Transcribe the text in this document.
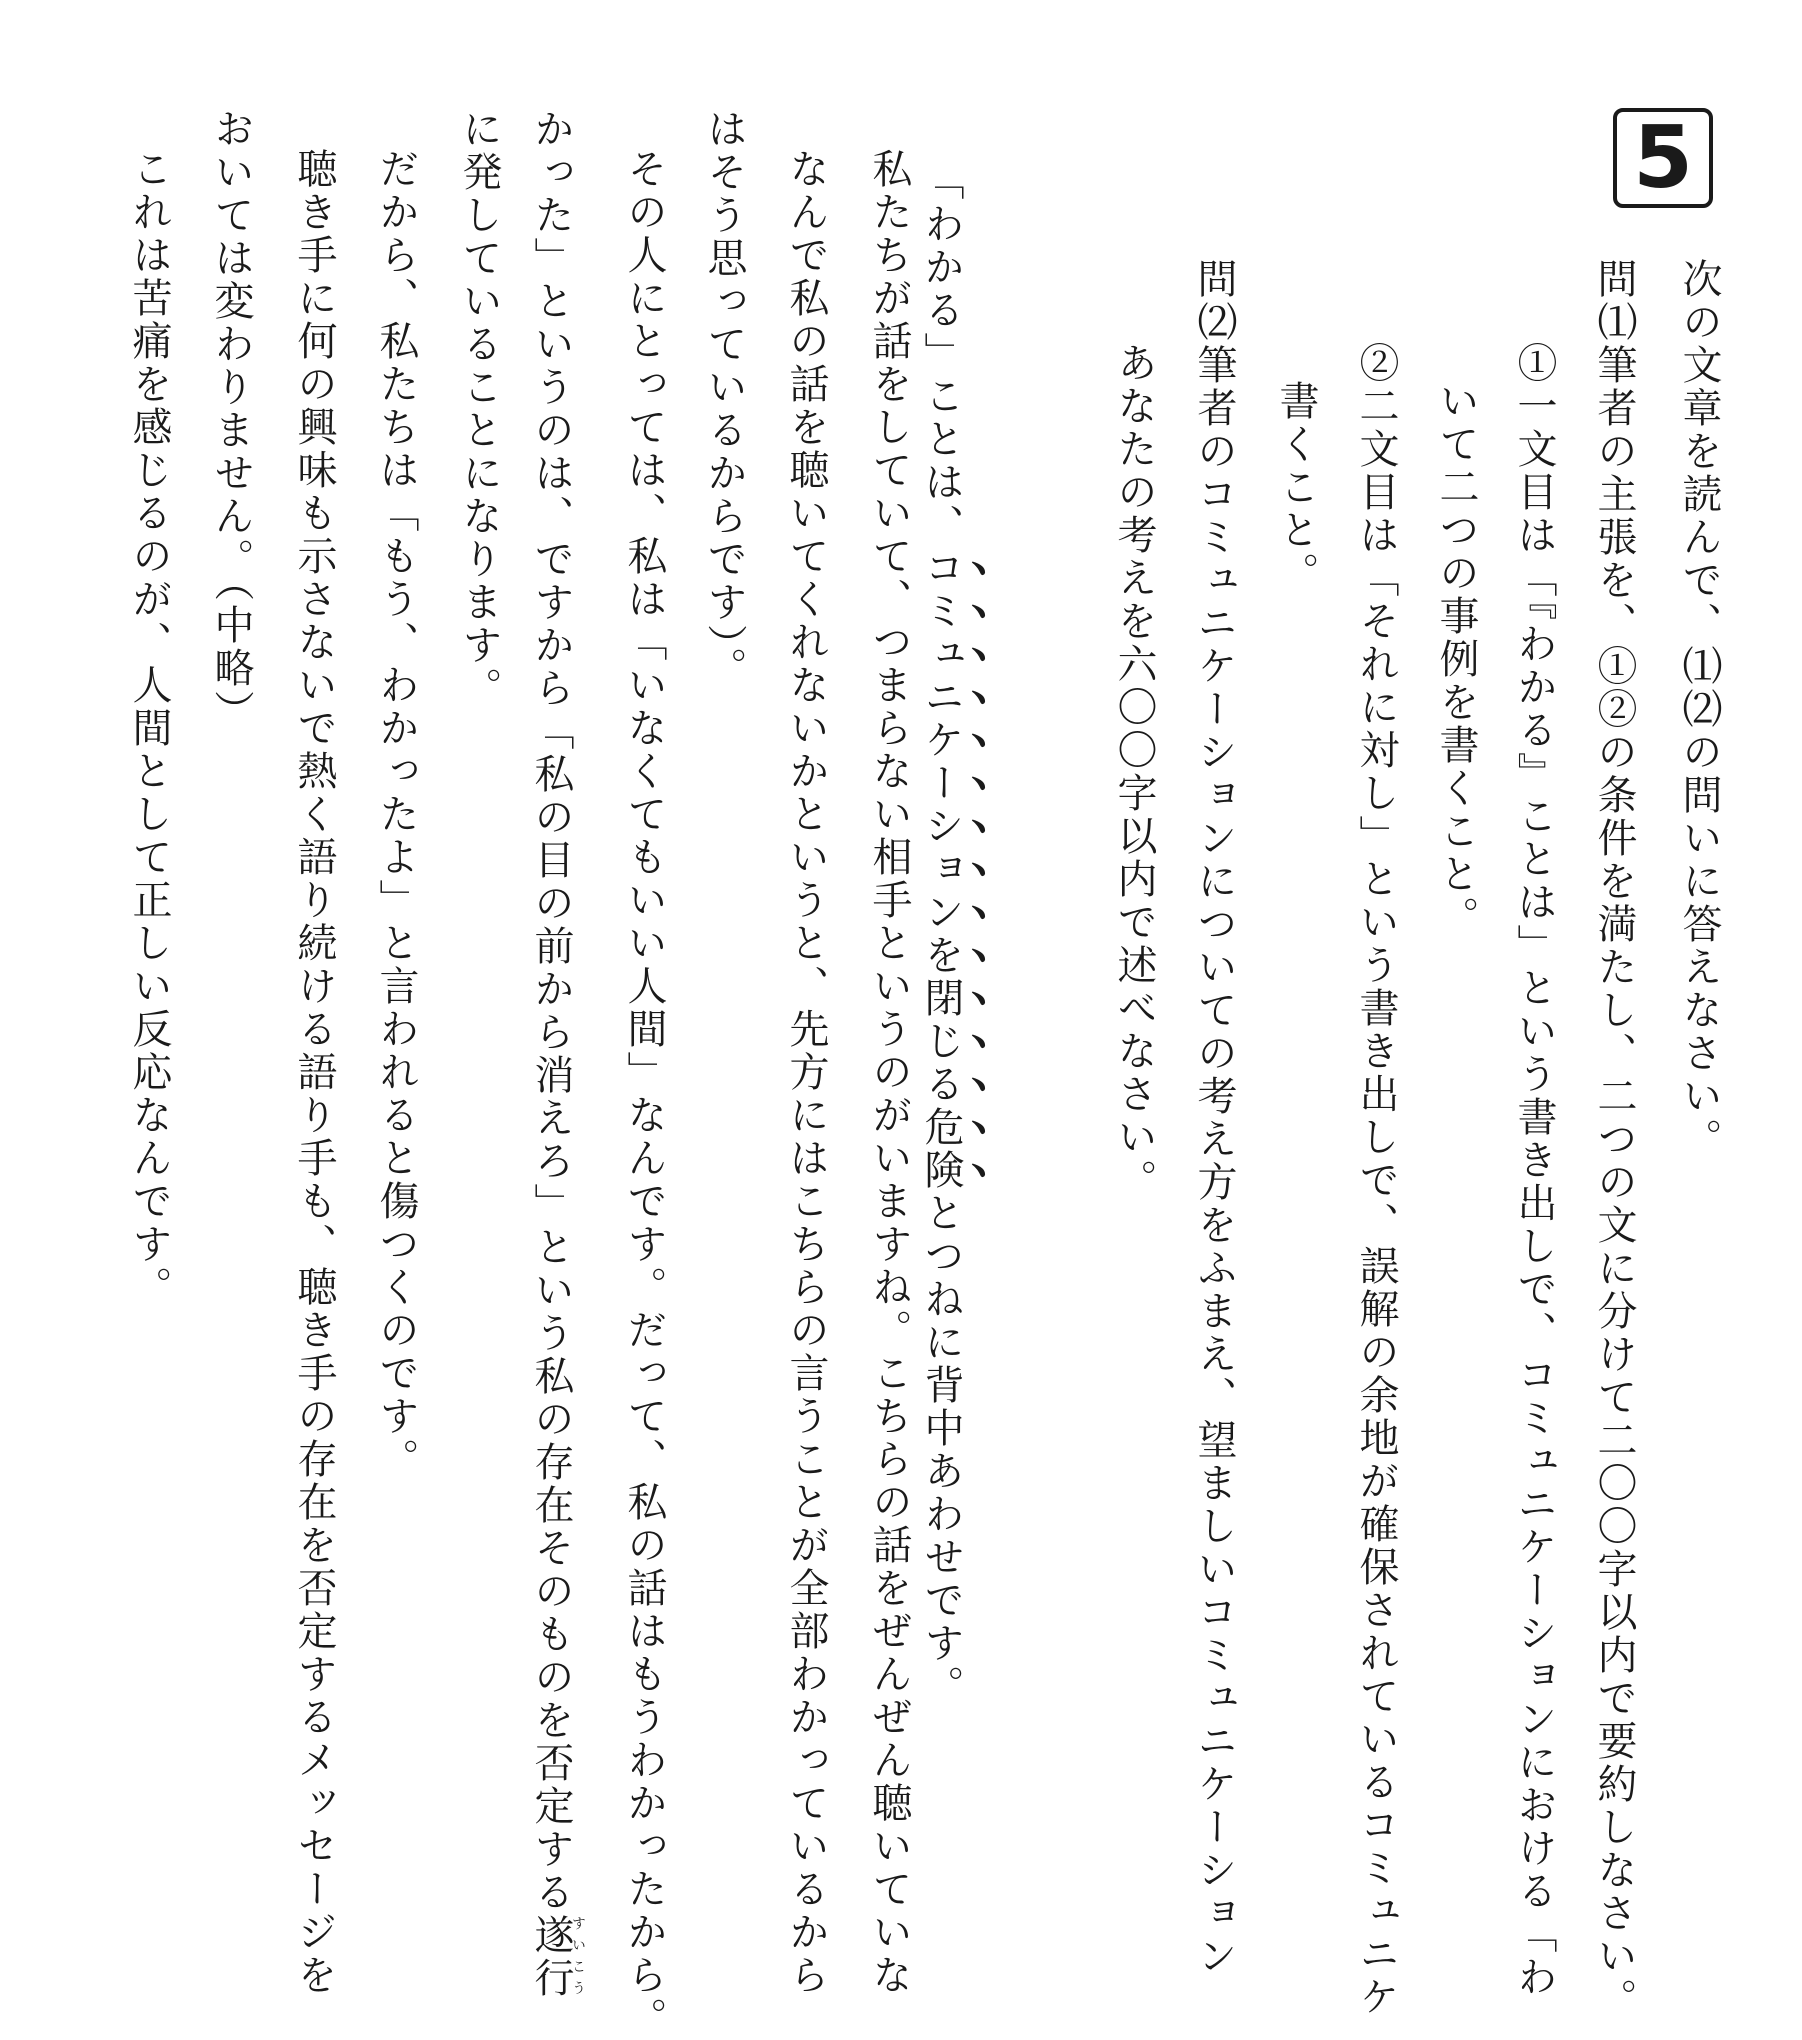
5
次の文章を読んで、⑴⑵の問いに答えなさい。
問⑴筆者の主張を、①②の条件を満たし、二つの文に分けて二〇〇字以内で要約しなさい。
①一文目は「『わかる』ことは」という書き出しで、コミュニケーションにおける「わ
いて二つの事例を書くこと。
②二文目は「それに対し」という書き出しで、誤解の余地が確保されているコミュニケ
書くこと。
問⑵筆者のコミュニケーションについての考え方をふまえ、望ましいコミュニケーション
あなたの考えを六〇〇字以内で述べなさい。
「わかる」ことは、コミュニケーションを閉じる危険とつねに背中あわせです。
私たちが話をしていて、つまらない相手というのがいますね。こちらの話をぜんぜん聴いていな
なんで私の話を聴いてくれないかというと、先方にはこちらの言うことが全部わかっているから
はそう思っているからです）。
その人にとっては、私は「いなくてもいい人間」なんです。だって、私の話はもうわかったから。
かった」というのは、ですから「私の目の前から消えろ」という私の存在そのものを否定する遂行すいこう
に発していることになります。
だから、私たちは「もう、わかったよ」と言われると傷つくのです。
聴き手に何の興味も示さないで熱く語り続ける語り手も、聴き手の存在を否定するメッセージを
おいては変わりません。（中略）
これは苦痛を感じるのが、人間として正しい反応なんです。
